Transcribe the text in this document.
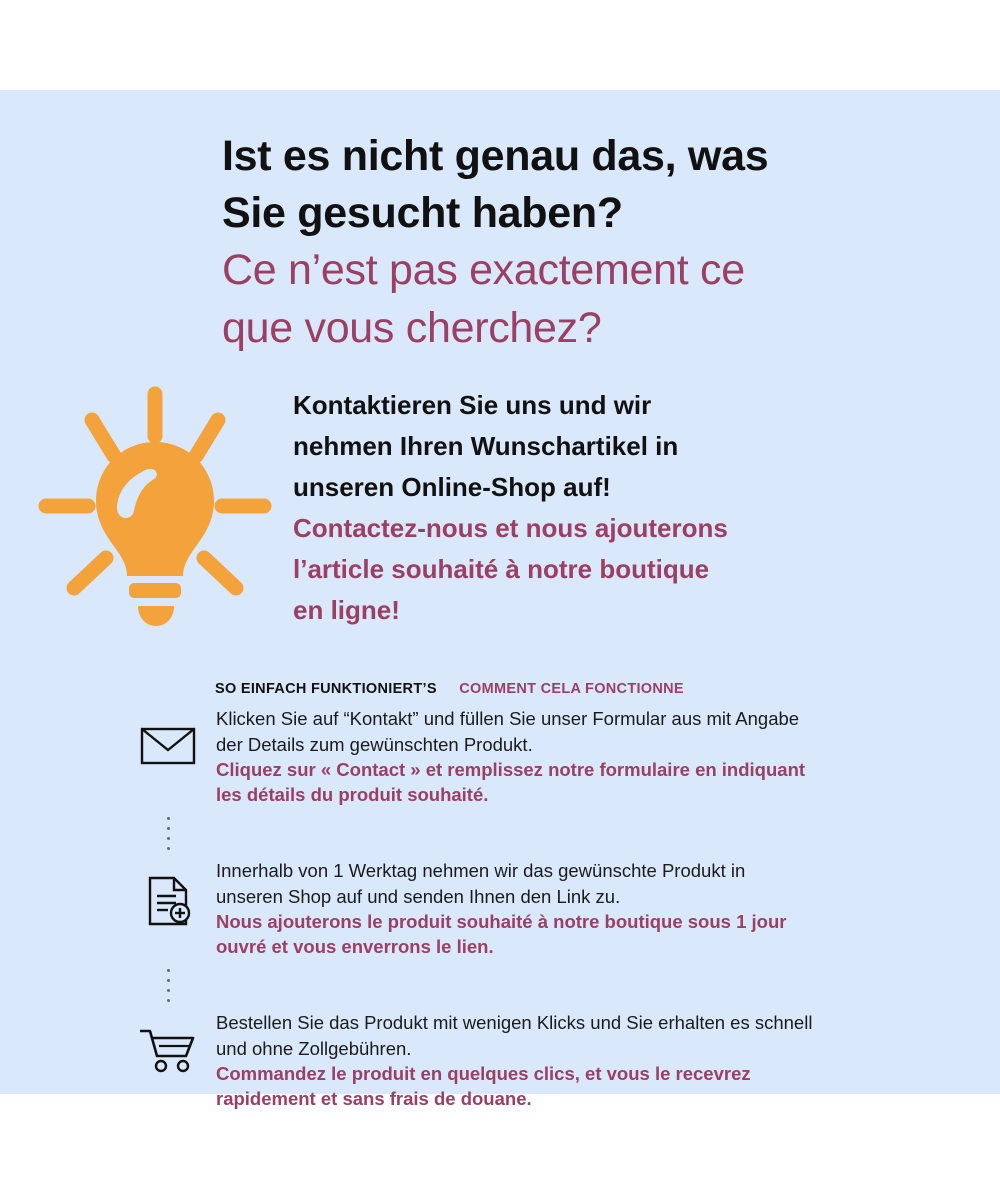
Ist es nicht genau das, was
Sie gesucht haben?
Ce n’est pas exactement ce
que vous cherchez?
Kontaktieren Sie uns und wir
nehmen Ihren Wunschartikel in
unseren Online-Shop auf!
Contactez-nous et nous ajouterons
l’article souhaité à notre boutique
en ligne!
SO EINFACH FUNKTIONIERT’S COMMENT CELA FONCTIONNE

Klicken Sie auf “Kontakt” und füllen Sie unser Formular aus mit Angabe

der Details zum gewünschten Produkt.

Cliquez sur « Contact » et remplissez notre formulaire en indiquant

les détails du produit souhaité.

Innerhalb von 1 Werktag nehmen wir das gewünschte Produkt in

unseren Shop auf und senden Ihnen den Link zu.

Nous ajouterons le produit souhaité à notre boutique sous 1 jour

ouvré et vous enverrons le lien.

Bestellen Sie das Produkt mit wenigen Klicks und Sie erhalten es schnell

und ohne Zollgebühren.

Commandez le produit en quelques clics, et vous le recevrez

rapidement et sans frais de douane.
